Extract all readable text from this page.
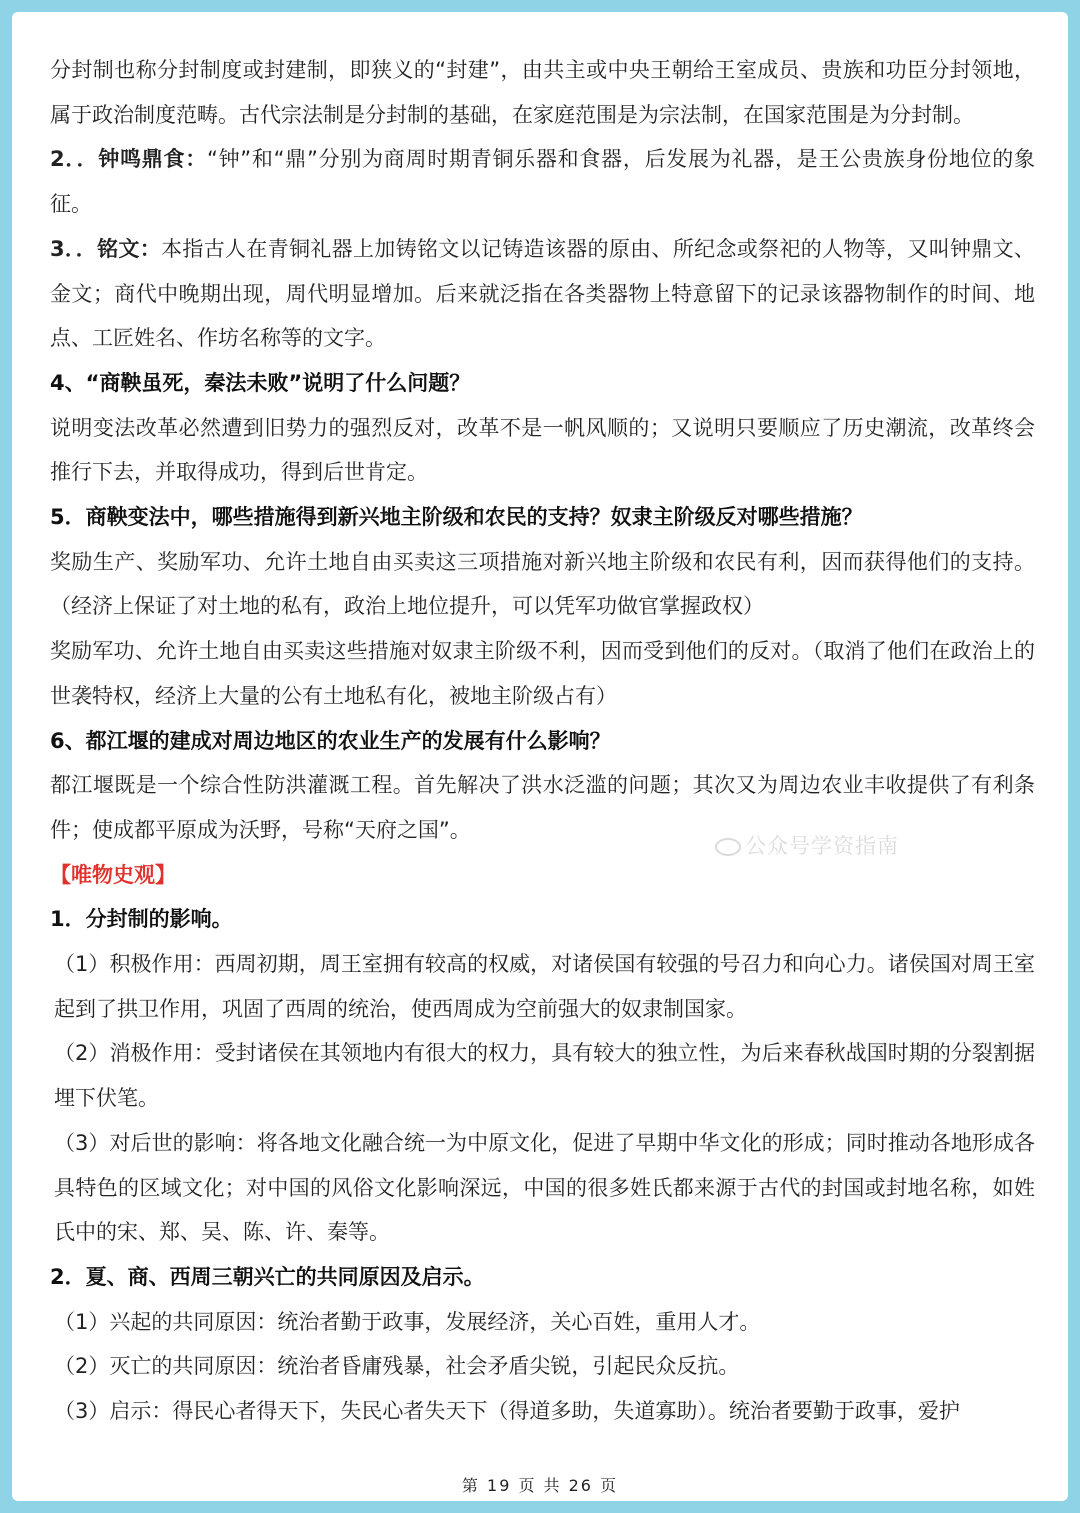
分封制也称分封制度或封建制，即狭义的“封建”，由共主或中央王朝给王室成员、贵族和功臣分封领地，属于政治制度范畴。古代宗法制是分封制的基础，在家庭范围是为宗法制，在国家范围是为分封制。

2．．钟鸣鼎食：“钟”和“鼎”分别为商周时期青铜乐器和食器，后发展为礼器，是王公贵族身份地位的象征。

3．．铭文：本指古人在青铜礼器上加铸铭文以记铸造该器的原由、所纪念或祭祀的人物等，又叫钟鼎文、金文；商代中晚期出现，周代明显增加。后来就泛指在各类器物上特意留下的记录该器物制作的时间、地点、工匠姓名、作坊名称等的文字。

4、“商鞅虽死，秦法未败”说明了什么问题？

说明变法改革必然遭到旧势力的强烈反对，改革不是一帆风顺的；又说明只要顺应了历史潮流，改革终会推行下去，并取得成功，得到后世肯定。

5．商鞅变法中，哪些措施得到新兴地主阶级和农民的支持？奴隶主阶级反对哪些措施？

奖励生产、奖励军功、允许土地自由买卖这三项措施对新兴地主阶级和农民有利，因而获得他们的支持。（经济上保证了对土地的私有，政治上地位提升，可以凭军功做官掌握政权）

奖励军功、允许土地自由买卖这些措施对奴隶主阶级不利，因而受到他们的反对。（取消了他们在政治上的世袭特权，经济上大量的公有土地私有化，被地主阶级占有）

6、都江堰的建成对周边地区的农业生产的发展有什么影响？

都江堰既是一个综合性防洪灌溉工程。首先解决了洪水泛滥的问题；其次又为周边农业丰收提供了有利条件；使成都平原成为沃野，号称“天府之国”。

【唯物史观】

1．分封制的影响。

（1）积极作用：西周初期，周王室拥有较高的权威，对诸侯国有较强的号召力和向心力。诸侯国对周王室起到了拱卫作用，巩固了西周的统治，使西周成为空前强大的奴隶制国家。

（2）消极作用：受封诸侯在其领地内有很大的权力，具有较大的独立性，为后来春秋战国时期的分裂割据埋下伏笔。

（3）对后世的影响：将各地文化融合统一为中原文化，促进了早期中华文化的形成；同时推动各地形成各具特色的区域文化；对中国的风俗文化影响深远，中国的很多姓氏都来源于古代的封国或封地名称，如姓氏中的宋、郑、吴、陈、许、秦等。

2．夏、商、西周三朝兴亡的共同原因及启示。

（1）兴起的共同原因：统治者勤于政事，发展经济，关心百姓，重用人才。

（2）灭亡的共同原因：统治者昏庸残暴，社会矛盾尖锐，引起民众反抗。

（3）启示：得民心者得天下，失民心者失天下（得道多助，失道寡助）。统治者要勤于政事，爱护

公众号学资指南
第 19 页 共 26 页
